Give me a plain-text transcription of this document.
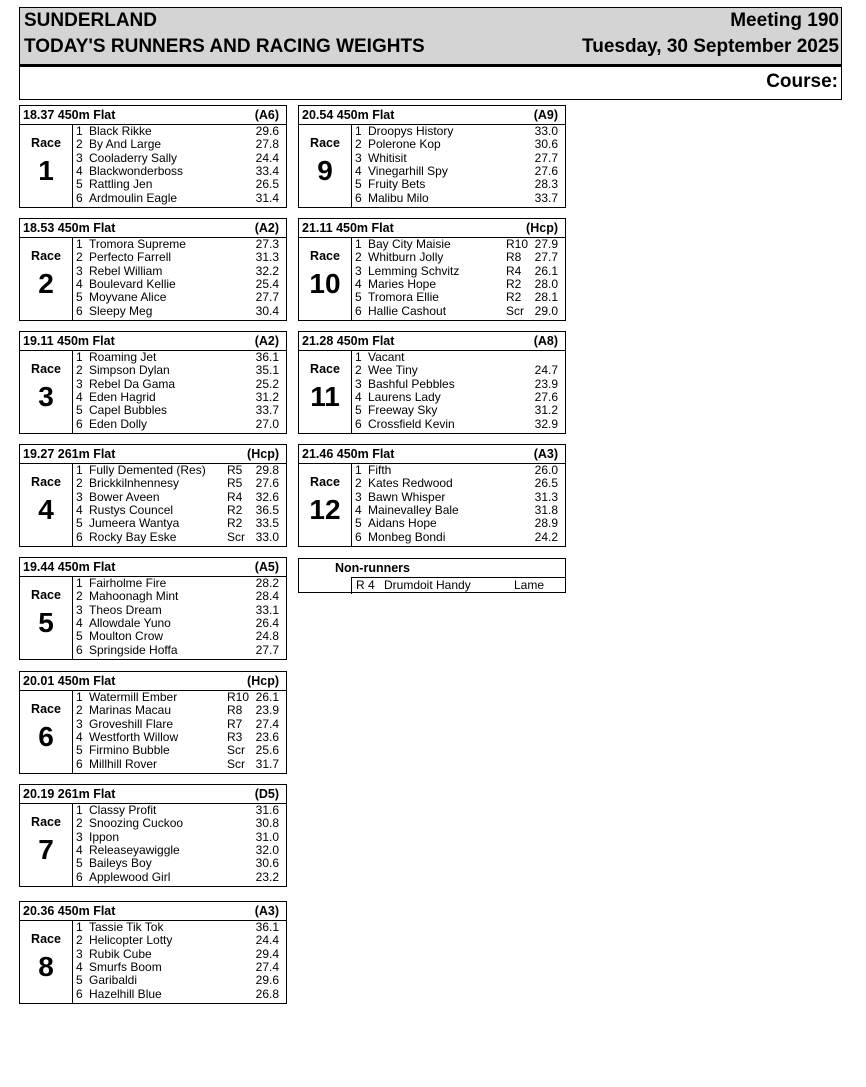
SUNDERLAND	Meeting 190
TODAY'S RUNNERS AND RACING WEIGHTS	Tuesday, 30 September 2025
Course:
18.37 450m Flat	(A6)
Race
1
1 Black Rikke	29.6
2 By And Large	27.8
3 Cooladerry Sally	24.4
4 Blackwonderboss	33.4
5 Rattling Jen	26.5
6 Ardmoulin Eagle	31.4
18.53 450m Flat	(A2)
Race
2
1 Tromora Supreme	27.3
2 Perfecto Farrell	31.3
3 Rebel William	32.2
4 Boulevard Kellie	25.4
5 Moyvane Alice	27.7
6 Sleepy Meg	30.4
19.11 450m Flat	(A2)
Race
3
1 Roaming Jet	36.1
2 Simpson Dylan	35.1
3 Rebel Da Gama	25.2
4 Eden Hagrid	31.2
5 Capel Bubbles	33.7
6 Eden Dolly	27.0
19.27 261m Flat	(Hcp)
Race
4
1 Fully Demented (Res) R5 29.8
2 Brickkilnhennesy	R5 27.6
3 Bower Aveen	R4 32.6
4 Rustys Councel	R2 36.5
5 Jumeera Wantya	R2 33.5
6 Rocky Bay Eske	Scr 33.0
19.44 450m Flat	(A5)
Race
5
1 Fairholme Fire	28.2
2 Mahoonagh Mint	28.4
3 Theos Dream	33.1
4 Allowdale Yuno	26.4
5 Moulton Crow	24.8
6 Springside Hoffa	27.7
20.01 450m Flat	(Hcp)
Race
6
1 Watermill Ember	R10 26.1
2 Marinas Macau	R8 23.9
3 Groveshill Flare	R7 27.4
4 Westforth Willow	R3 23.6
5 Firmino Bubble	Scr 25.6
6 Millhill Rover	Scr 31.7
20.19 261m Flat	(D5)
Race
7
1 Classy Profit	31.6
2 Snoozing Cuckoo	30.8
3 Ippon	31.0
4 Releaseyawiggle	32.0
5 Baileys Boy	30.6
6 Applewood Girl	23.2
20.36 450m Flat	(A3)
Race
8
1 Tassie Tik Tok	36.1
2 Helicopter Lotty	24.4
3 Rubik Cube	29.4
4 Smurfs Boom	27.4
5 Garibaldi	29.6
6 Hazelhill Blue	26.8
20.54 450m Flat	(A9)
Race
9
1 Droopys History	33.0
2 Polerone Kop	30.6
3 Whitisit	27.7
4 Vinegarhill Spy	27.6
5 Fruity Bets	28.3
6 Malibu Milo	33.7
21.11 450m Flat	(Hcp)
Race
10
1 Bay City Maisie	R10 27.9
2 Whitburn Jolly	R8 27.7
3 Lemming Schvitz	R4 26.1
4 Maries Hope	R2 28.0
5 Tromora Ellie	R2 28.1
6 Hallie Cashout	Scr 29.0
21.28 450m Flat	(A8)
Race
11
1 Vacant
2 Wee Tiny	24.7
3 Bashful Pebbles	23.9
4 Laurens Lady	27.6
5 Freeway Sky	31.2
6 Crossfield Kevin	32.9
21.46 450m Flat	(A3)
Race
12
1 Fifth	26.0
2 Kates Redwood	26.5
3 Bawn Whisper	31.3
4 Mainevalley Bale	31.8
5 Aidans Hope	28.9
6 Monbeg Bondi	24.2
Non-runners
R 4 Drumdoit Handy	Lame
